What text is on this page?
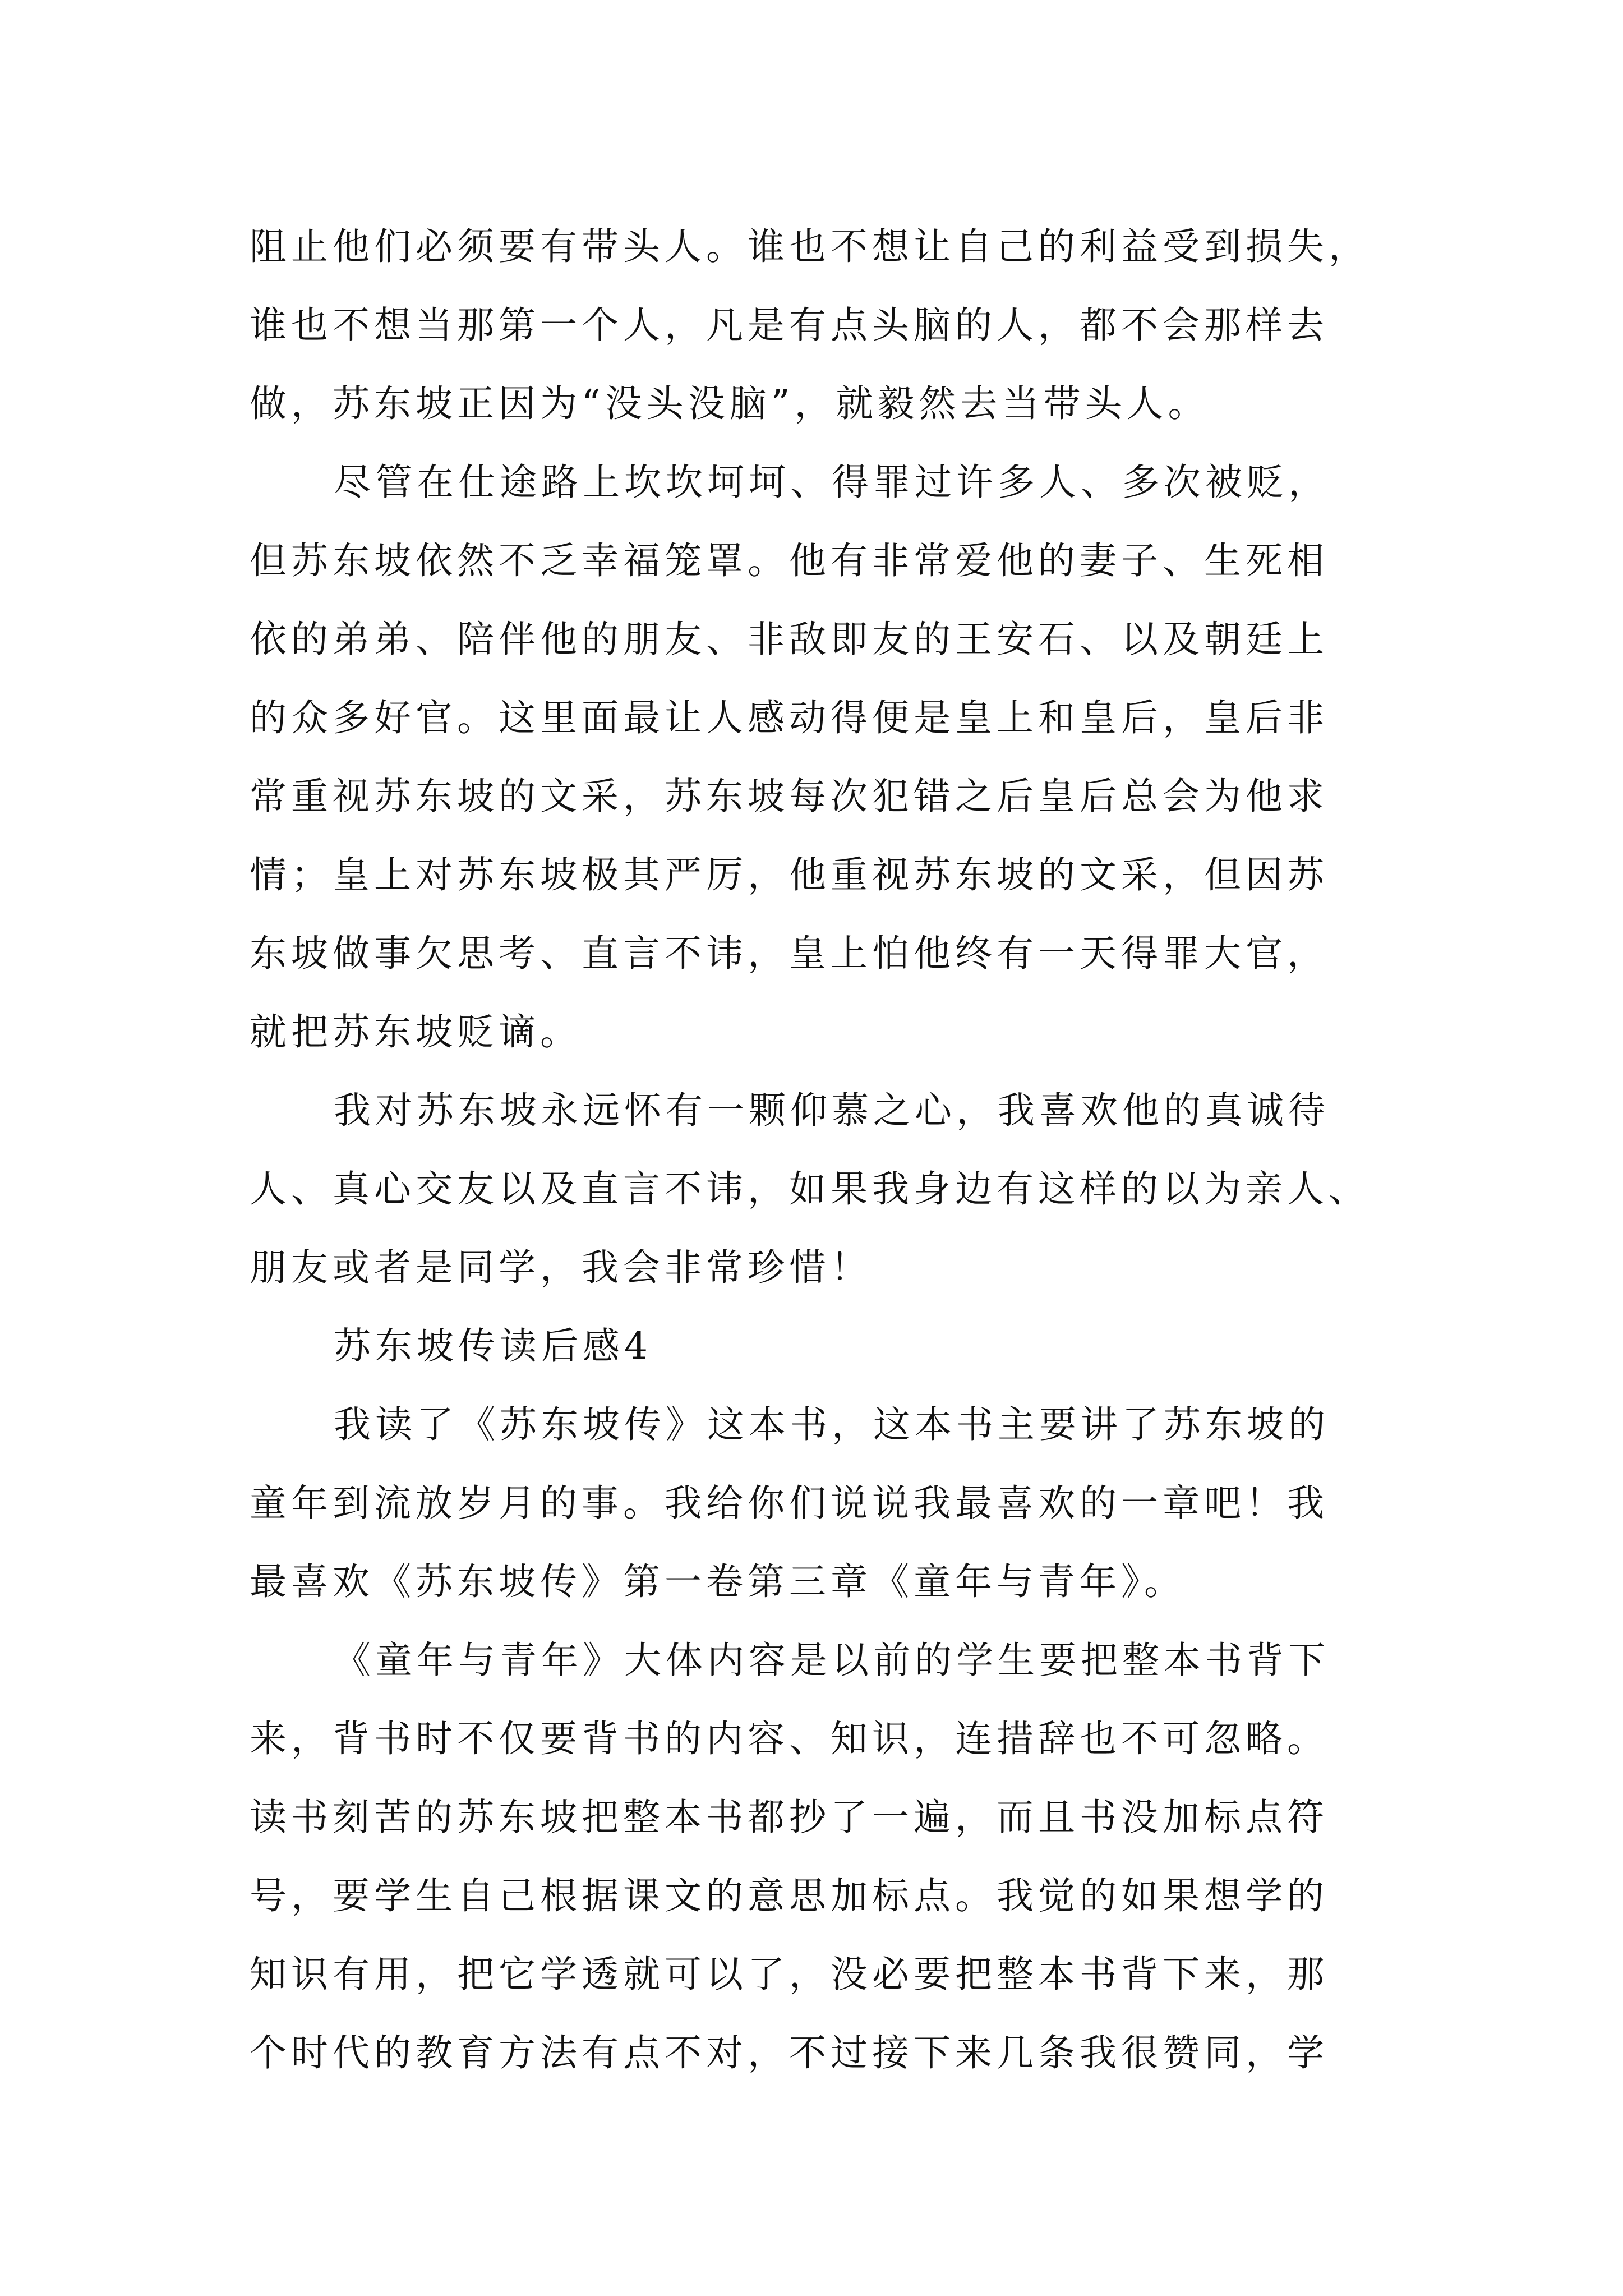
阻止他们必须要有带头人。谁也不想让自己的利益受到损失，
谁也不想当那第一个人，凡是有点头脑的人，都不会那样去
做，苏东坡正因为“没头没脑”，就毅然去当带头人。
尽管在仕途路上坎坎坷坷、得罪过许多人、多次被贬，
但苏东坡依然不乏幸福笼罩。他有非常爱他的妻子、生死相
依的弟弟、陪伴他的朋友、非敌即友的王安石、以及朝廷上
的众多好官。这里面最让人感动得便是皇上和皇后，皇后非
常重视苏东坡的文采，苏东坡每次犯错之后皇后总会为他求
情；皇上对苏东坡极其严厉，他重视苏东坡的文采，但因苏
东坡做事欠思考、直言不讳，皇上怕他终有一天得罪大官，
就把苏东坡贬谪。
我对苏东坡永远怀有一颗仰慕之心，我喜欢他的真诚待
人、真心交友以及直言不讳，如果我身边有这样的以为亲人、
朋友或者是同学，我会非常珍惜！
苏东坡传读后感4
我读了《苏东坡传》这本书，这本书主要讲了苏东坡的
童年到流放岁月的事。我给你们说说我最喜欢的一章吧！我
最喜欢《苏东坡传》第一卷第三章《童年与青年》。
《童年与青年》大体内容是以前的学生要把整本书背下
来，背书时不仅要背书的内容、知识，连措辞也不可忽略。
读书刻苦的苏东坡把整本书都抄了一遍，而且书没加标点符
号，要学生自己根据课文的意思加标点。我觉的如果想学的
知识有用，把它学透就可以了，没必要把整本书背下来，那
个时代的教育方法有点不对，不过接下来几条我很赞同，学
